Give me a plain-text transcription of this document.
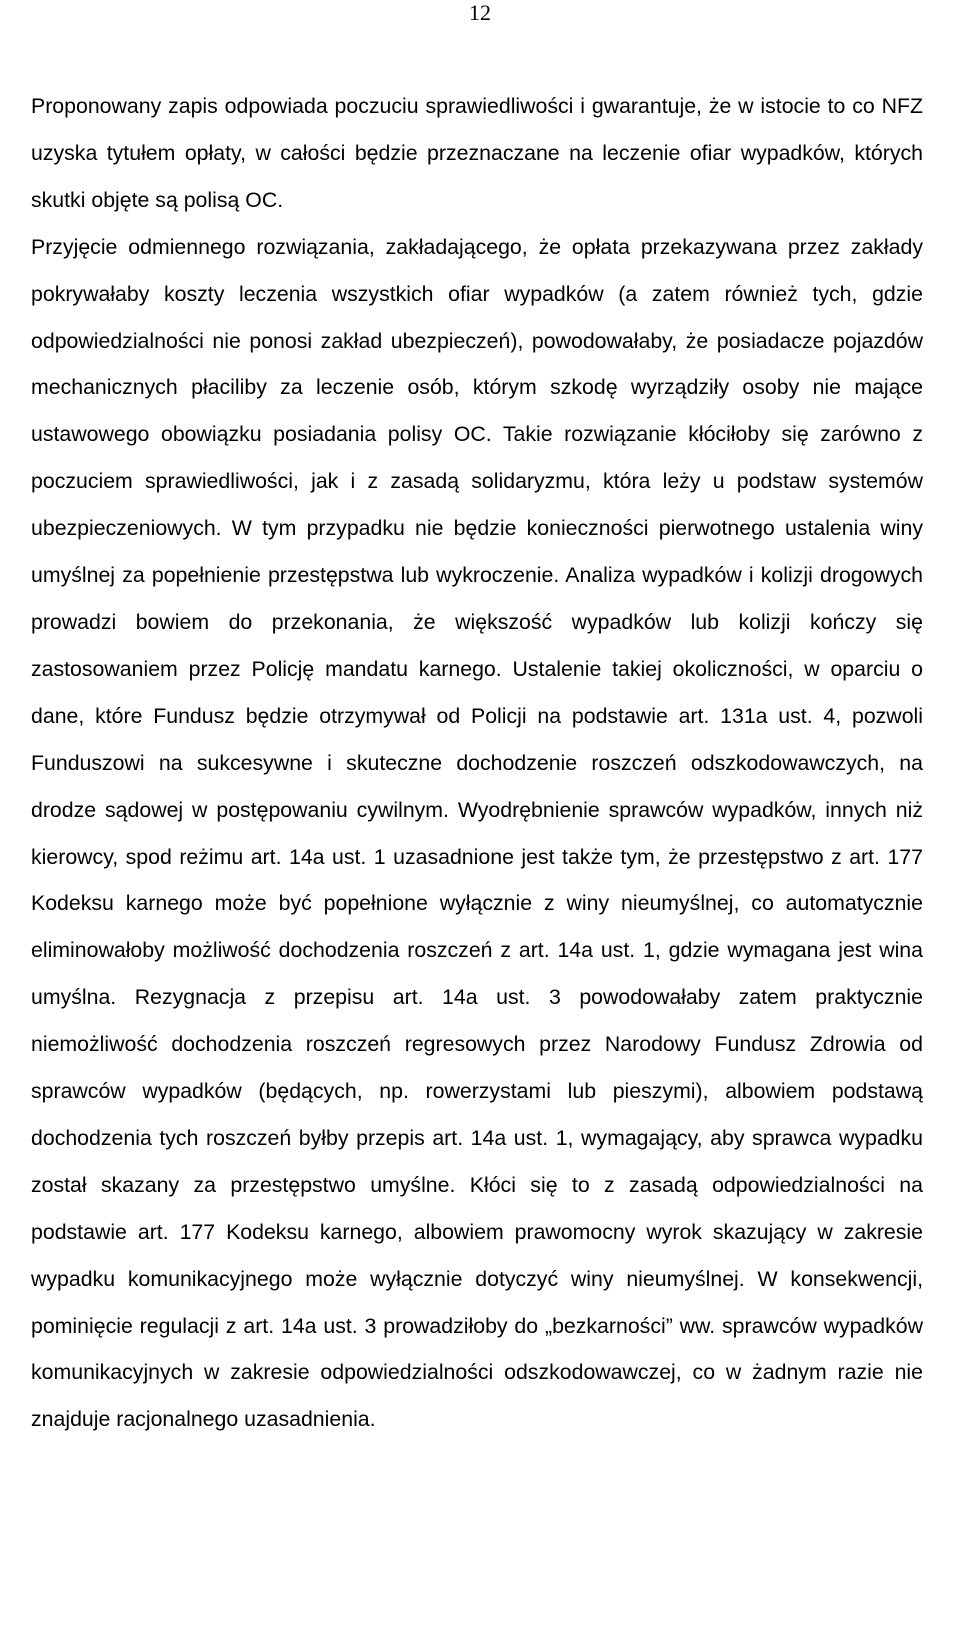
12

Proponowany zapis odpowiada poczuciu sprawiedliwości i gwarantuje, że w istocie to co NFZ uzyska tytułem opłaty, w całości będzie przeznaczane na leczenie ofiar wypadków, których skutki objęte są polisą OC.

Przyjęcie odmiennego rozwiązania, zakładającego, że opłata przekazywana przez zakłady pokrywałaby koszty leczenia wszystkich ofiar wypadków (a zatem również tych, gdzie odpowiedzialności nie ponosi zakład ubezpieczeń), powodowałaby, że posiadacze pojazdów mechanicznych płaciliby za leczenie osób, którym szkodę wyrządziły osoby nie mające ustawowego obowiązku posiadania polisy OC. Takie rozwiązanie kłóciłoby się zarówno z poczuciem sprawiedliwości, jak i z zasadą solidaryzmu, która leży u podstaw systemów ubezpieczeniowych. W tym przypadku nie będzie konieczności pierwotnego ustalenia winy umyślnej za popełnienie przestępstwa lub wykroczenie. Analiza wypadków i kolizji drogowych prowadzi bowiem do przekonania, że większość wypadków lub kolizji kończy się zastosowaniem przez Policję mandatu karnego. Ustalenie takiej okoliczności, w oparciu o dane, które Fundusz będzie otrzymywał od Policji na podstawie art. 131a ust. 4, pozwoli Funduszowi na sukcesywne i skuteczne dochodzenie roszczeń odszkodowawczych, na drodze sądowej w postępowaniu cywilnym. Wyodrębnienie sprawców wypadków, innych niż kierowcy, spod reżimu art. 14a ust. 1 uzasadnione jest także tym, że przestępstwo z art. 177 Kodeksu karnego może być popełnione wyłącznie z winy nieumyślnej, co automatycznie eliminowałoby możliwość dochodzenia roszczeń z art. 14a ust. 1, gdzie wymagana jest wina umyślna. Rezygnacja z przepisu art. 14a ust. 3 powodowałaby zatem praktycznie niemożliwość dochodzenia roszczeń regresowych przez Narodowy Fundusz Zdrowia od sprawców wypadków (będących, np. rowerzystami lub pieszymi), albowiem podstawą dochodzenia tych roszczeń byłby przepis art. 14a ust. 1, wymagający, aby sprawca wypadku został skazany za przestępstwo umyślne. Kłóci się to z zasadą odpowiedzialności na podstawie art. 177 Kodeksu karnego, albowiem prawomocny wyrok skazujący w zakresie wypadku komunikacyjnego może wyłącznie dotyczyć winy nieumyślnej. W konsekwencji, pominięcie regulacji z art. 14a ust. 3 prowadziłoby do „bezkarności” ww. sprawców wypadków komunikacyjnych w zakresie odpowiedzialności odszkodowawczej, co w żadnym razie nie znajduje racjonalnego uzasadnienia.
